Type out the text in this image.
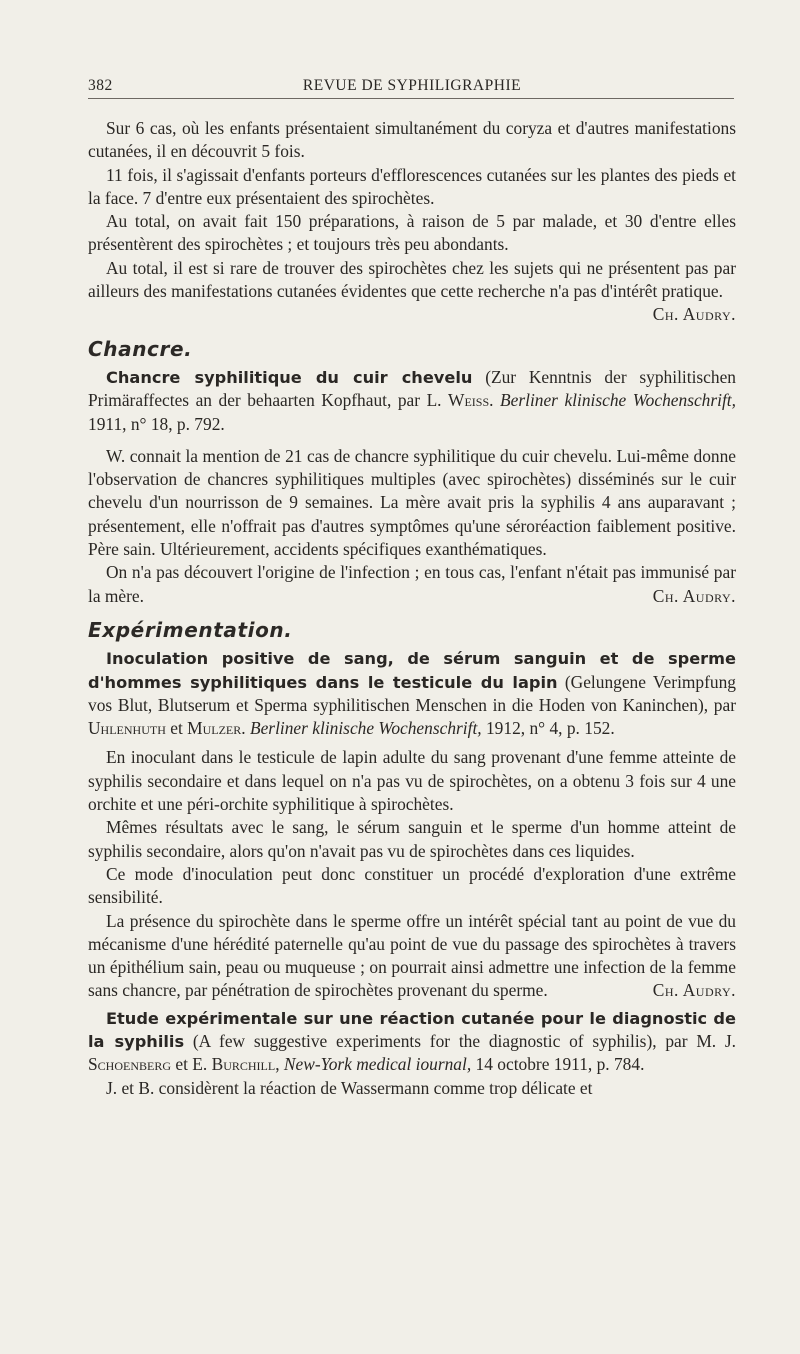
382	REVUE DE SYPHILIGRAPHIE

Sur 6 cas, où les enfants présentaient simultanément du coryza et d'autres manifestations cutanées, il en découvrit 5 fois.

11 fois, il s'agissait d'enfants porteurs d'efflorescences cutanées sur les plantes des pieds et la face. 7 d'entre eux présentaient des spirochètes.

Au total, on avait fait 150 préparations, à raison de 5 par malade, et 30 d'entre elles présentèrent des spirochètes ; et toujours très peu abondants.

Au total, il est si rare de trouver des spirochètes chez les sujets qui ne présentent pas par ailleurs des manifestations cutanées évidentes que cette recherche n'a pas d'intérêt pratique.
Ch. Audry.

Chancre.

Chancre syphilitique du cuir chevelu (Zur Kenntnis der syphilitischen Primäraffectes an der behaarten Kopfhaut, par L. Weiss. Berliner klinische Wochenschrift, 1911, n° 18, p. 792.

W. connait la mention de 21 cas de chancre syphilitique du cuir chevelu. Lui-même donne l'observation de chancres syphilitiques multiples (avec spirochètes) disséminés sur le cuir chevelu d'un nourrisson de 9 semaines. La mère avait pris la syphilis 4 ans auparavant ; présentement, elle n'offrait pas d'autres symptômes qu'une séroréaction faiblement positive. Père sain. Ultérieurement, accidents spécifiques exanthématiques.

On n'a pas découvert l'origine de l'infection ; en tous cas, l'enfant n'était pas immunisé par la mère.	Ch. Audry.

Expérimentation.

Inoculation positive de sang, de sérum sanguin et de sperme d'hommes syphilitiques dans le testicule du lapin (Gelungene Verimpfung vos Blut, Blutserum et Sperma syphilitischen Menschen in die Hoden von Kaninchen), par Uhlenhuth et Mulzer. Berliner klinische Wochenschrift, 1912, n° 4, p. 152.

En inoculant dans le testicule de lapin adulte du sang provenant d'une femme atteinte de syphilis secondaire et dans lequel on n'a pas vu de spirochètes, on a obtenu 3 fois sur 4 une orchite et une péri-orchite syphilitique à spirochètes.

Mêmes résultats avec le sang, le sérum sanguin et le sperme d'un homme atteint de syphilis secondaire, alors qu'on n'avait pas vu de spirochètes dans ces liquides.

Ce mode d'inoculation peut donc constituer un procédé d'exploration d'une extrême sensibilité.

La présence du spirochète dans le sperme offre un intérêt spécial tant au point de vue du mécanisme d'une hérédité paternelle qu'au point de vue du passage des spirochètes à travers un épithélium sain, peau ou muqueuse ; on pourrait ainsi admettre une infection de la femme sans chancre, par pénétration de spirochètes provenant du sperme.	Ch. Audry.

Etude expérimentale sur une réaction cutanée pour le diagnostic de la syphilis (A few suggestive experiments for the diagnostic of syphilis), par M. J. Schoenberg et E. Burchill, New-York medical iournal, 14 octobre 1911, p. 784.

J. et B. considèrent la réaction de Wassermann comme trop délicate et
